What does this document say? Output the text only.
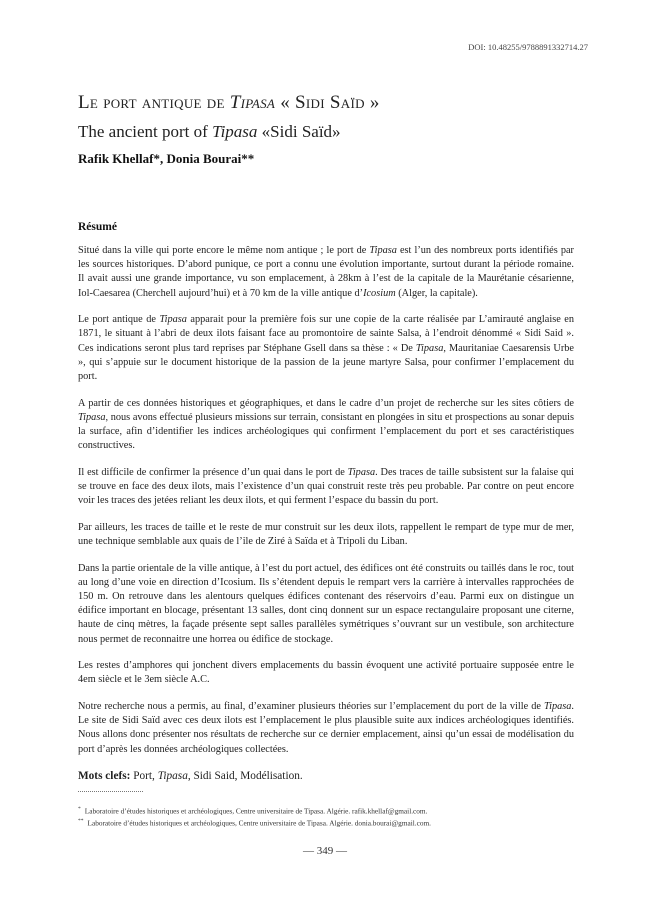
DOI: 10.48255/9788891332714.27
Le port antique de Tipasa « Sidi Saïd »
The ancient port of Tipasa «Sidi Saïd»
Rafik Khellaf*, Donia Bourai**
Résumé

Situé dans la ville qui porte encore le même nom antique ; le port de Tipasa est l’un des nombreux ports identifiés par les sources historiques. D’abord punique, ce port a connu une évolution importante, surtout durant la période romaine. Il avait aussi une grande importance, vu son emplacement, à 28km à l’est de la capitale de la Maurétanie césarienne, Iol-Caesarea (Cherchell aujourd’hui) et à 70 km de la ville antique d’Icosium (Alger, la capitale).

Le port antique de Tipasa apparait pour la première fois sur une copie de la carte réalisée par L’amirauté anglaise en 1871, le situant à l’abri de deux ilots faisant face au promontoire de sainte Salsa, à l’endroit dénommé « Sidi Said ». Ces indications seront plus tard reprises par Stéphane Gsell dans sa thèse : « De Tipasa, Mauritaniae Caesarensis Urbe », qui s’appuie sur le document historique de la passion de la jeune martyre Salsa, pour confirmer l’emplacement du port.

A partir de ces données historiques et géographiques, et dans le cadre d’un projet de recherche sur les sites côtiers de Tipasa, nous avons effectué plusieurs missions sur terrain, consistant en plongées in situ et prospections au sonar depuis la surface, afin d’identifier les indices archéologiques qui confirment l’emplacement du port et ses caractéristiques constructives.

Il est difficile de confirmer la présence d’un quai dans le port de Tipasa. Des traces de taille subsistent sur la falaise qui se trouve en face des deux ilots, mais l’existence d’un quai construit reste très peu probable. Par contre on peut encore voir les traces des jetées reliant les deux ilots, et qui ferment l’espace du bassin du port.

Par ailleurs, les traces de taille et le reste de mur construit sur les deux ilots, rappellent le rempart de type mur de mer, une technique semblable aux quais de l’ile de Ziré à Saïda et à Tripoli du Liban.

Dans la partie orientale de la ville antique, à l’est du port actuel, des édifices ont été construits ou taillés dans le roc, tout au long d’une voie en direction d’Icosium. Ils s’étendent depuis le rempart vers la carrière à intervalles rapprochées de 150 m. On retrouve dans les alentours quelques édifices contenant des réservoirs d’eau. Parmi eux on distingue un édifice important en blocage, présentant 13 salles, dont cinq donnent sur un espace rectangulaire proposant une citerne, haute de cinq mètres, la façade présente sept salles parallèles symétriques s’ouvrant sur un vestibule, son architecture nous permet de reconnaitre une horrea ou édifice de stockage.

Les restes d’amphores qui jonchent divers emplacements du bassin évoquent une activité portuaire supposée entre le 4em siècle et le 3em siècle A.C.

Notre recherche nous a permis, au final, d’examiner plusieurs théories sur l’emplacement du port de la ville de Tipasa. Le site de Sidi Saïd avec ces deux ilots est l’emplacement le plus plausible suite aux indices archéologiques identifiés. Nous allons donc présenter nos résultats de recherche sur ce dernier emplacement, ainsi qu’un essai de modélisation du port d’après les données archéologiques collectées.

Mots clefs: Port, Tipasa, Sidi Said, Modélisation.

* Laboratoire d’études historiques et archéologiques, Centre universitaire de Tipasa. Algérie. rafik.khellaf@gmail.com.
** Laboratoire d’études historiques et archéologiques, Centre universitaire de Tipasa. Algérie. donia.bourai@gmail.com.
— 349 —
